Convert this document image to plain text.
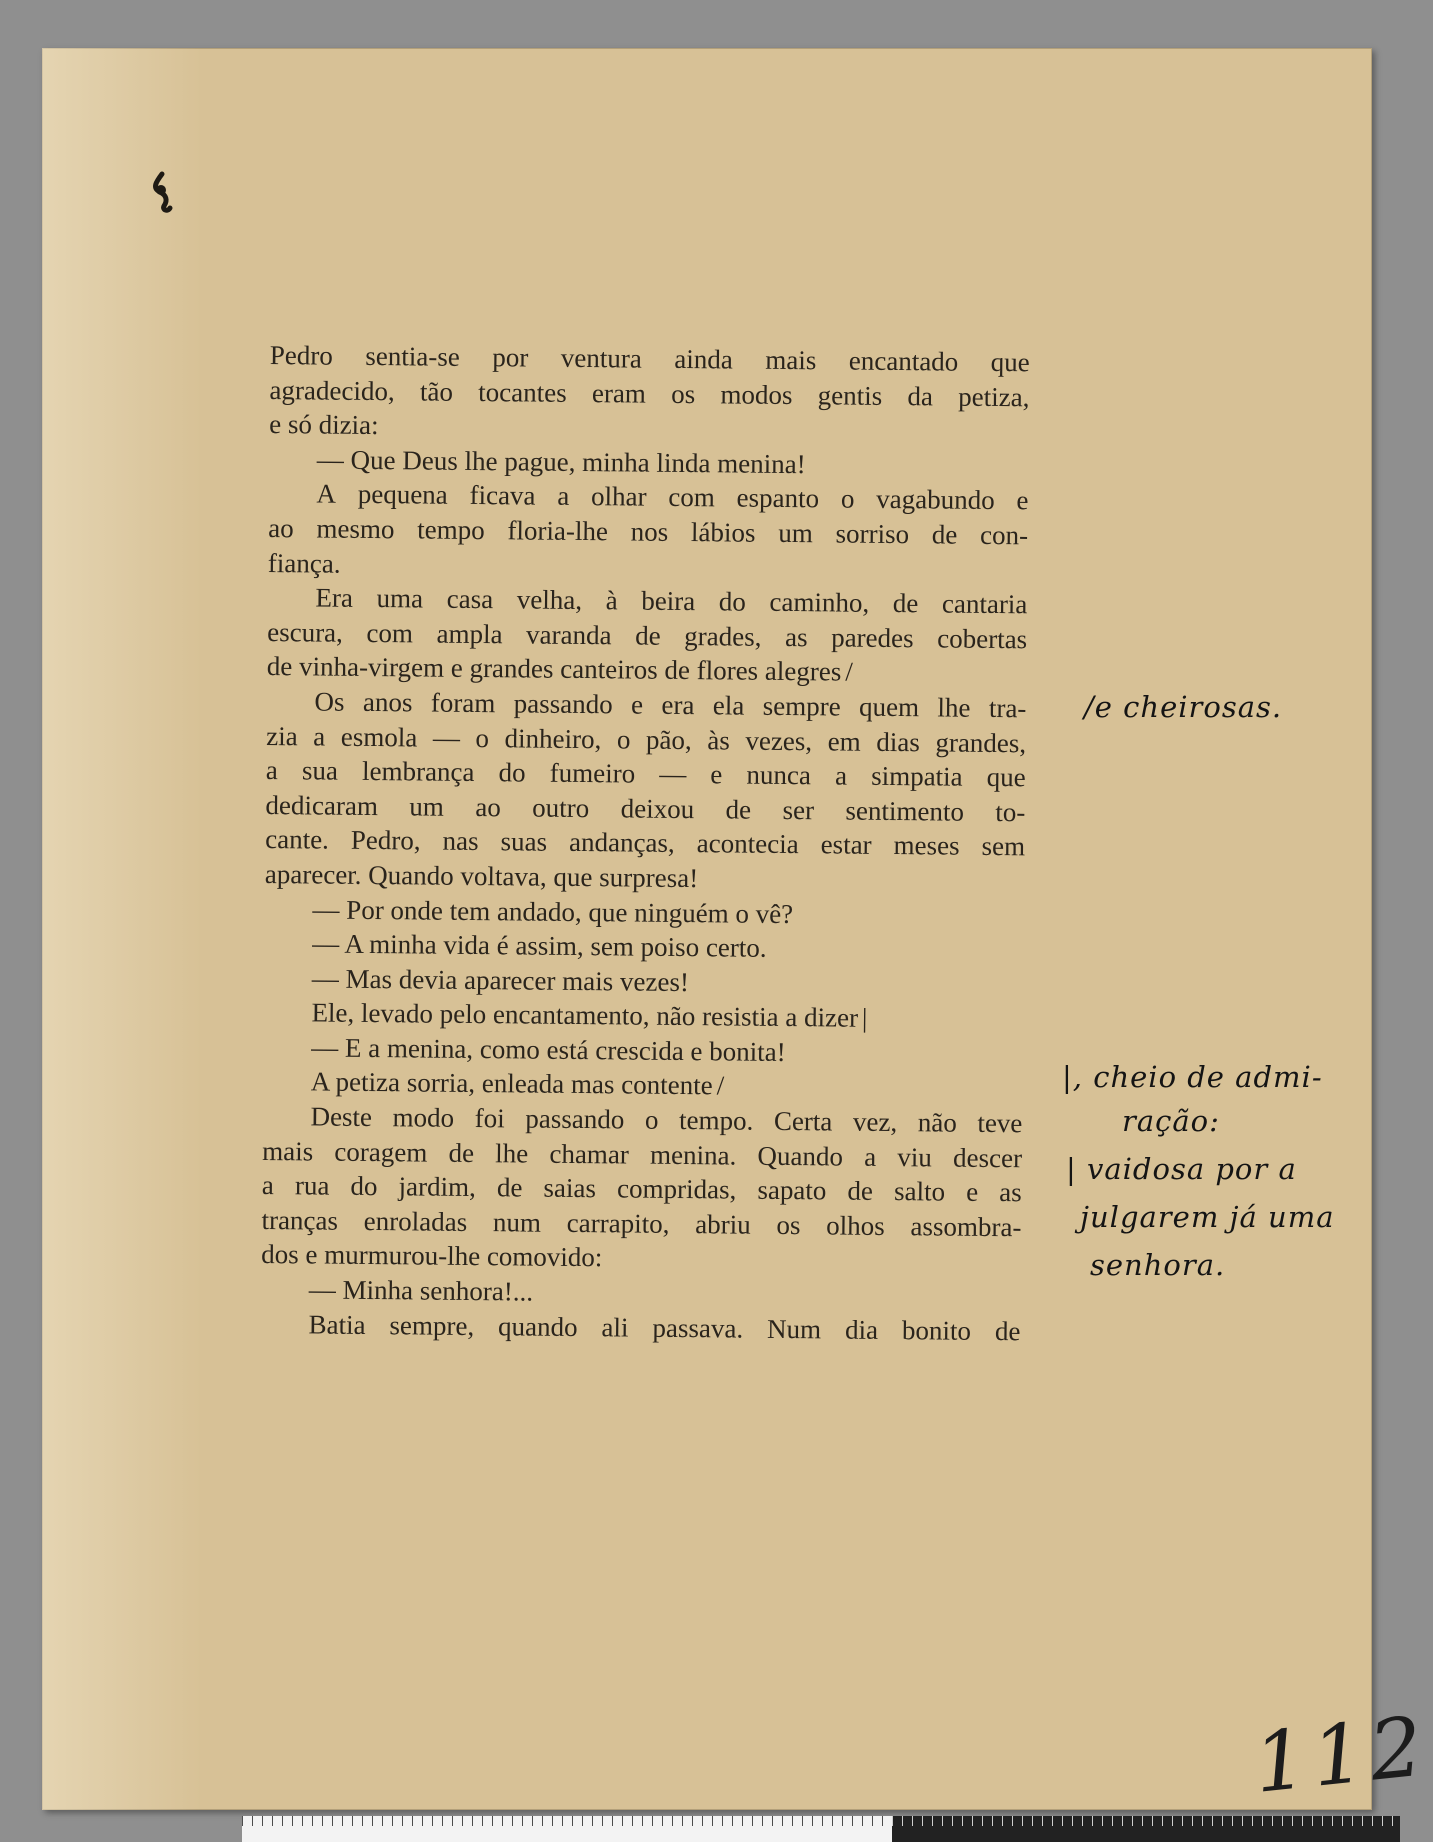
112
Pedro sentia-se por ventura ainda mais encantado que
agradecido, tão tocantes eram os modos gentis da petiza,
e só dizia:
— Que Deus lhe pague, minha linda menina!
A pequena ficava a olhar com espanto o vagabundo e
ao mesmo tempo floria-lhe nos lábios um sorriso de con-
fiança.
Era uma casa velha, à beira do caminho, de cantaria
escura, com ampla varanda de grades, as paredes cobertas
de vinha-virgem e grandes canteiros de flores alegres /
Os anos foram passando e era ela sempre quem lhe tra-
zia a esmola — o dinheiro, o pão, às vezes, em dias grandes,
a sua lembrança do fumeiro — e nunca a simpatia que
dedicaram um ao outro deixou de ser sentimento to-
cante. Pedro, nas suas andanças, acontecia estar meses sem
aparecer. Quando voltava, que surpresa!
— Por onde tem andado, que ninguém o vê?
— A minha vida é assim, sem poiso certo.
— Mas devia aparecer mais vezes!
Ele, levado pelo encantamento, não resistia a dizer |
— E a menina, como está crescida e bonita!
A petiza sorria, enleada mas contente /
Deste modo foi passando o tempo. Certa vez, não teve
mais coragem de lhe chamar menina. Quando a viu descer
a rua do jardim, de saias compridas, sapato de salto e as
tranças enroladas num carrapito, abriu os olhos assombra-
dos e murmurou-lhe comovido:
— Minha senhora!...
Batia sempre, quando ali passava. Num dia bonito de
/e cheirosas.
|, cheio de admi-
ração:
| vaidosa por a
julgarem já uma
senhora.
